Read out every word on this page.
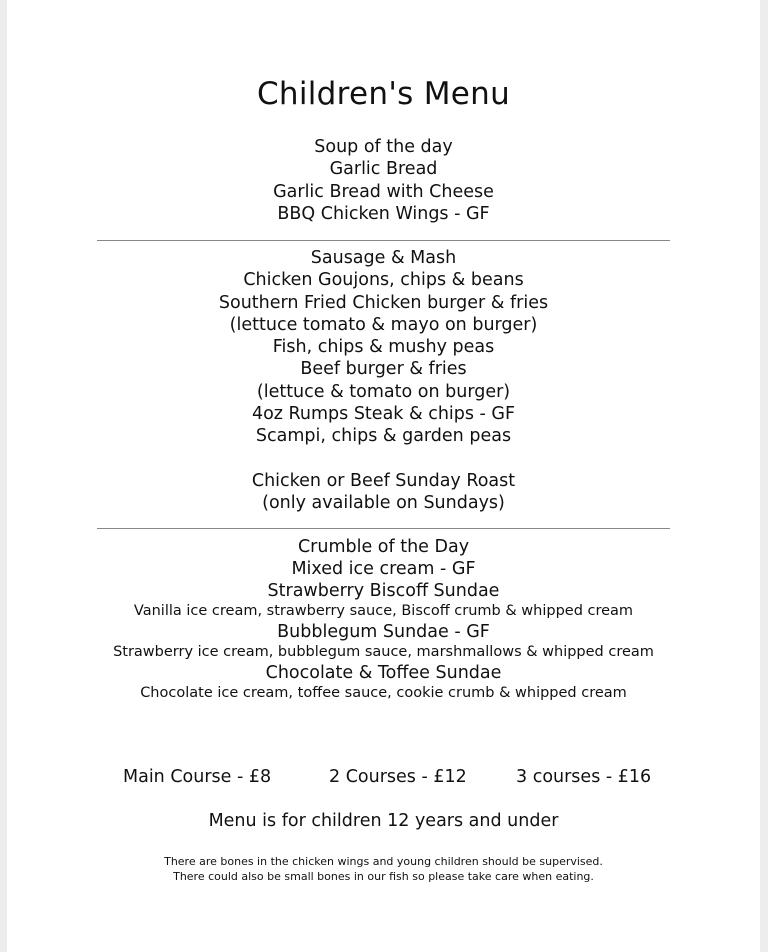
Children's Menu
Soup of the day
Garlic Bread
Garlic Bread with Cheese
BBQ Chicken Wings - GF
Sausage & Mash
Chicken Goujons, chips & beans
Southern Fried Chicken burger & fries
(lettuce tomato & mayo on burger)
Fish, chips & mushy peas
Beef burger & fries
(lettuce & tomato on burger)
4oz Rumps Steak & chips - GF
Scampi, chips & garden peas
Chicken or Beef Sunday Roast
(only available on Sundays)
Crumble of the Day
Mixed ice cream - GF
Strawberry Biscoff Sundae
Vanilla ice cream, strawberry sauce, Biscoff crumb & whipped cream
Bubblegum Sundae - GF
Strawberry ice cream, bubblegum sauce, marshmallows & whipped cream
Chocolate & Toffee Sundae
Chocolate ice cream, toffee sauce, cookie crumb & whipped cream
Main Course - £8	2 Courses - £12	3 courses - £16
Menu is for children 12 years and under
There are bones in the chicken wings and young children should be supervised.
There could also be small bones in our fish so please take care when eating.
